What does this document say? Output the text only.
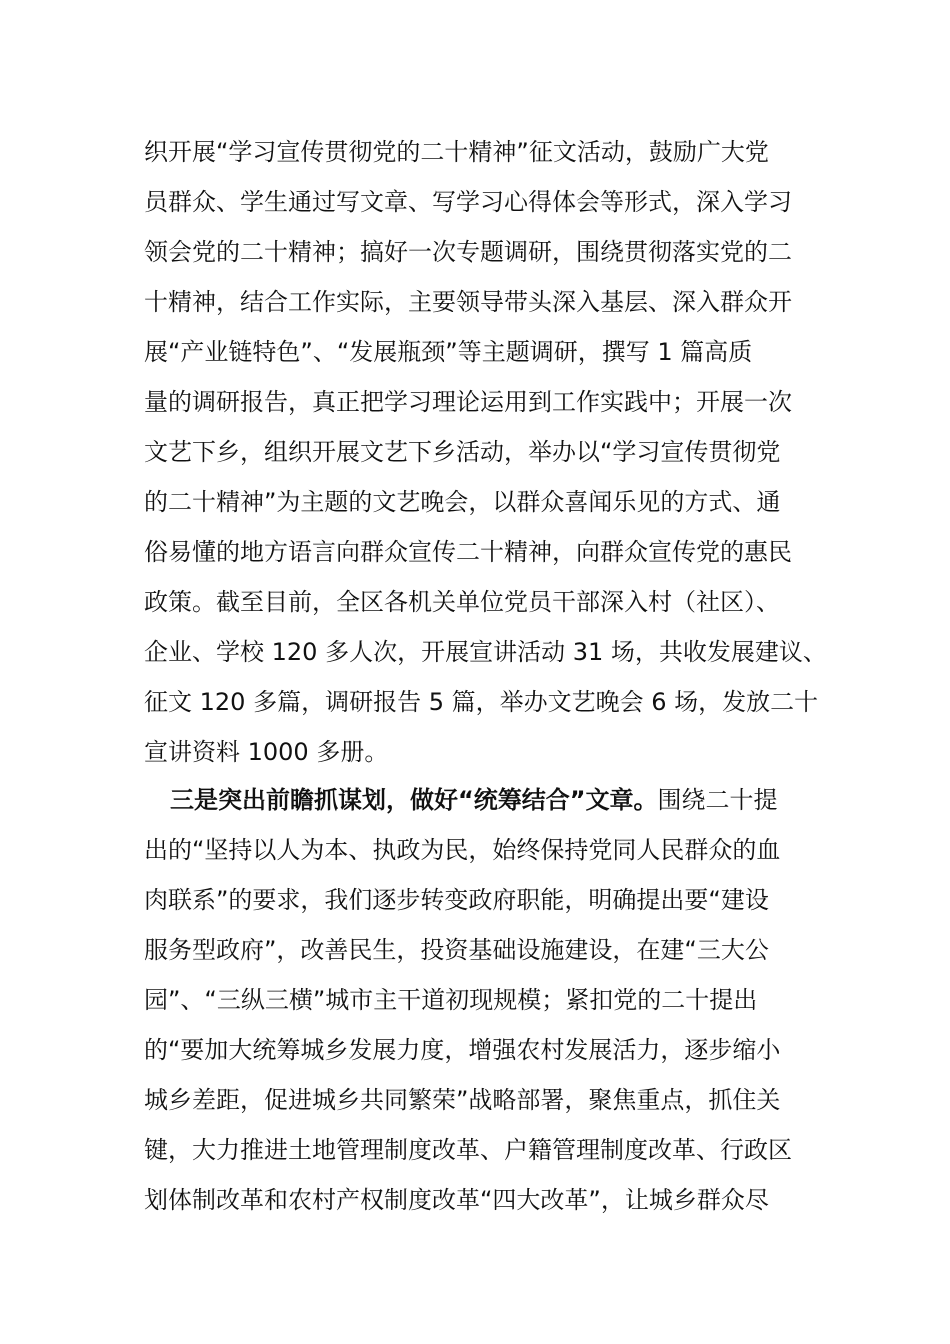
织开展“学习宣传贯彻党的二十精神”征文活动，鼓励广大党
员群众、学生通过写文章、写学习心得体会等形式，深入学习
领会党的二十精神；搞好一次专题调研，围绕贯彻落实党的二
十精神，结合工作实际，主要领导带头深入基层、深入群众开
展“产业链特色”、“发展瓶颈”等主题调研，撰写 1 篇高质
量的调研报告，真正把学习理论运用到工作实践中；开展一次
文艺下乡，组织开展文艺下乡活动，举办以“学习宣传贯彻党
的二十精神”为主题的文艺晚会，以群众喜闻乐见的方式、通
俗易懂的地方语言向群众宣传二十精神，向群众宣传党的惠民
政策。截至目前，全区各机关单位党员干部深入村（社区）、
企业、学校 120 多人次，开展宣讲活动 31 场，共收发展建议、
征文 120 多篇，调研报告 5 篇，举办文艺晚会 6 场，发放二十
宣讲资料 1000 多册。
三是突出前瞻抓谋划，做好“统筹结合”文章。围绕二十提
出的“坚持以人为本、执政为民，始终保持党同人民群众的血
肉联系”的要求，我们逐步转变政府职能，明确提出要“建设
服务型政府”，改善民生，投资基础设施建设，在建“三大公
园”、“三纵三横”城市主干道初现规模；紧扣党的二十提出
的“要加大统筹城乡发展力度，增强农村发展活力，逐步缩小
城乡差距，促进城乡共同繁荣”战略部署，聚焦重点，抓住关
键，大力推进土地管理制度改革、户籍管理制度改革、行政区
划体制改革和农村产权制度改革“四大改革”，让城乡群众尽
